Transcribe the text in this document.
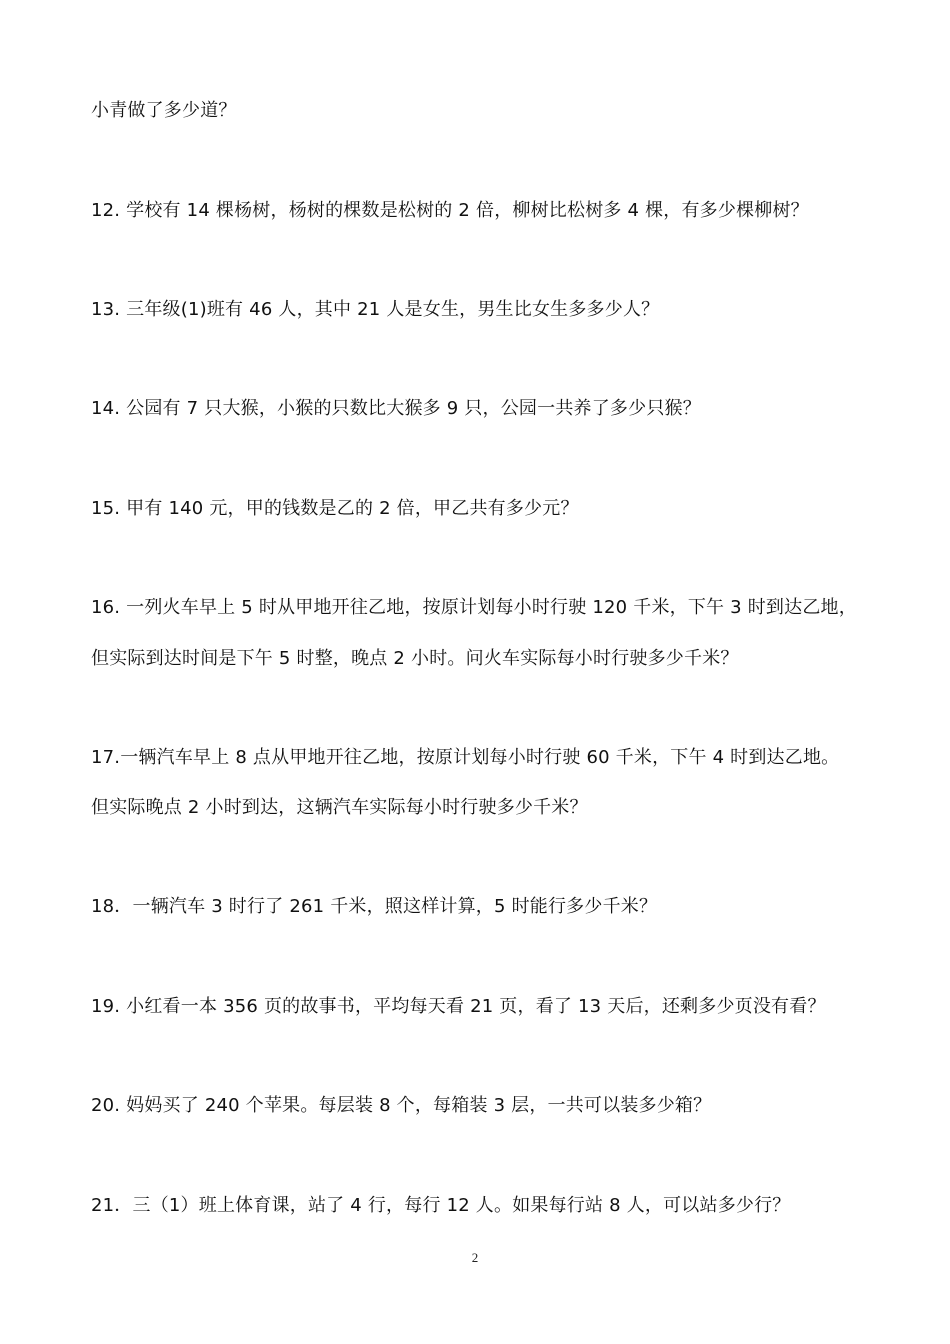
小青做了多少道？
12. 学校有 14 棵杨树，杨树的棵数是松树的 2 倍，柳树比松树多 4 棵，有多少棵柳树？
13. 三年级(1)班有 46 人，其中 21 人是女生，男生比女生多多少人？
14. 公园有 7 只大猴，小猴的只数比大猴多 9 只，公园一共养了多少只猴？
15. 甲有 140 元，甲的钱数是乙的 2 倍，甲乙共有多少元？
16. 一列火车早上 5 时从甲地开往乙地，按原计划每小时行驶 120 千米，下午 3 时到达乙地，
但实际到达时间是下午 5 时整，晚点 2 小时。问火车实际每小时行驶多少千米？
17.一辆汽车早上 8 点从甲地开往乙地，按原计划每小时行驶 60 千米，下午 4 时到达乙地。
但实际晚点 2 小时到达，这辆汽车实际每小时行驶多少千米？
18．一辆汽车 3 时行了 261 千米，照这样计算，5 时能行多少千米？
19. 小红看一本 356 页的故事书，平均每天看 21 页，看了 13 天后，还剩多少页没有看？
20. 妈妈买了 240 个苹果。每层装 8 个，每箱装 3 层，一共可以装多少箱？
21．三（1）班上体育课，站了 4 行，每行 12 人。如果每行站 8 人，可以站多少行？
2
